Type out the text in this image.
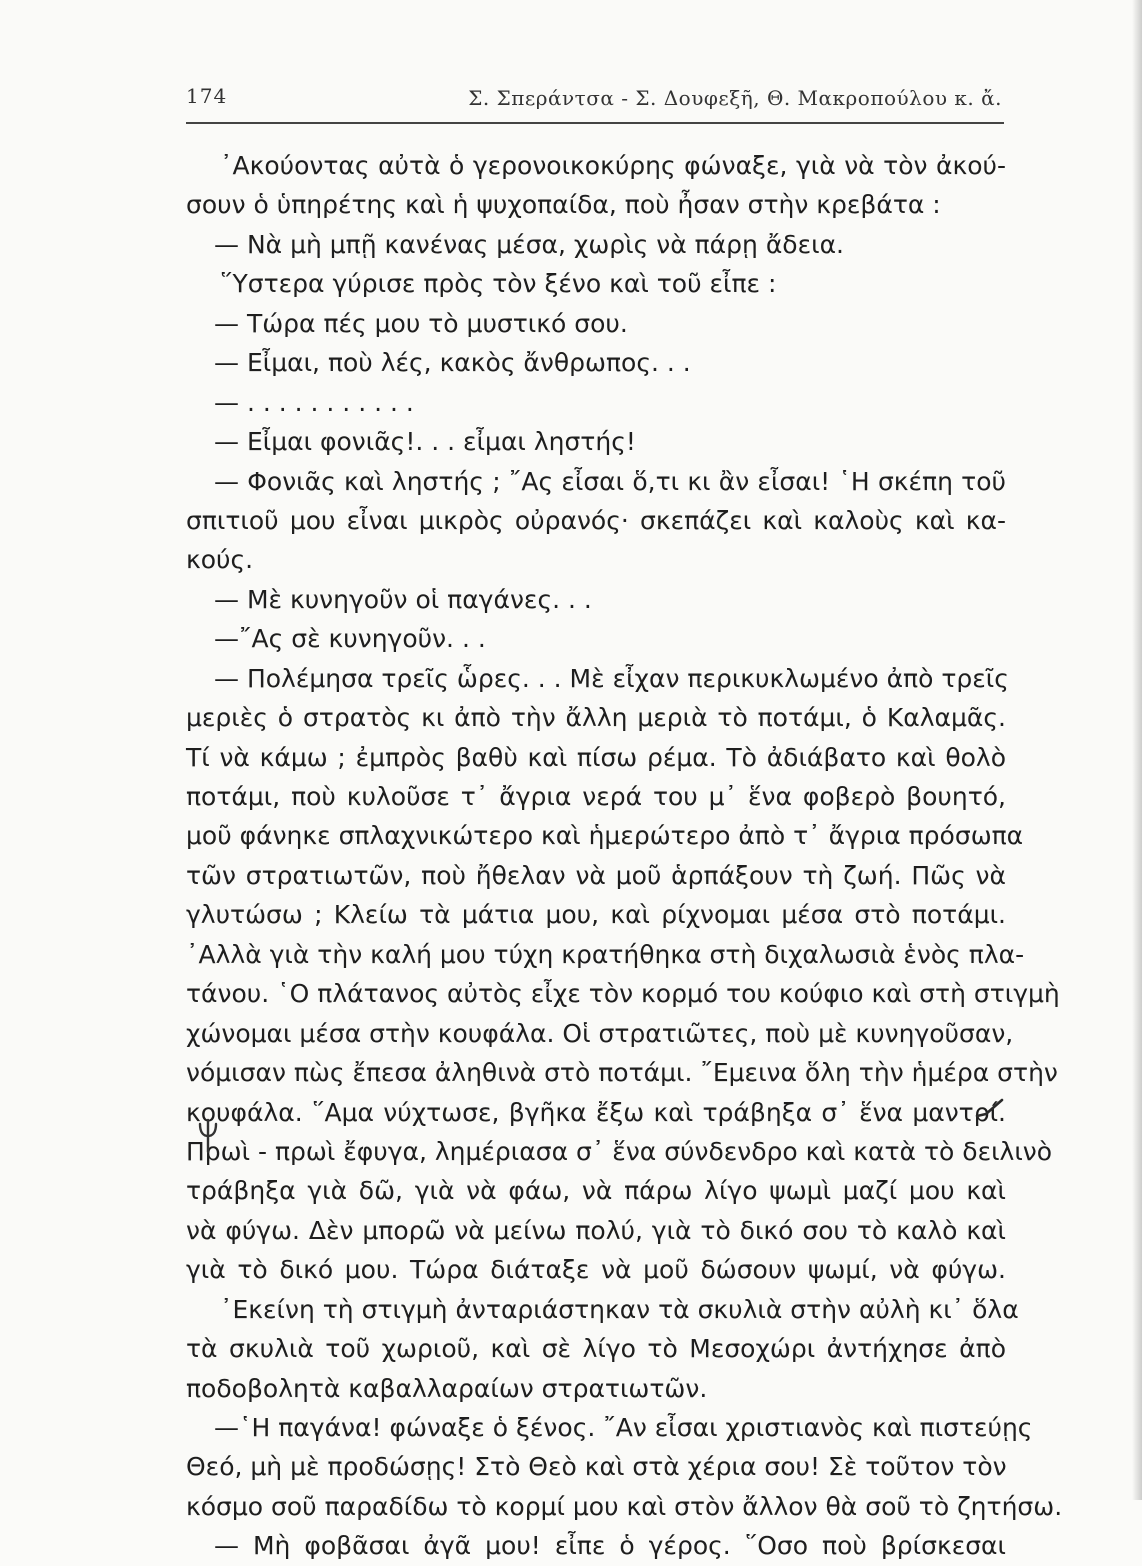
174	Σ. Σπεράντσα - Σ. Δουφεξῆ, Θ. Μακροπούλου κ. ἄ.
᾿Ακούοντας αὐτὰ ὁ γερονοικοκύρης φώναξε, γιὰ νὰ τὸν ἀκού-
σουν ὁ ὑπηρέτης καὶ ἡ ψυχοπαίδα, ποὺ ἦσαν στὴν κρεβάτα :
— Νὰ μὴ μπῇ κανένας μέσα, χωρὶς νὰ πάρῃ ἄδεια.
῞Υστερα γύρισε πρὸς τὸν ξένο καὶ τοῦ εἶπε :
— Τώρα πές μου τὸ μυστικό σου.
— Εἶμαι, ποὺ λές, κακὸς ἄνθρωπος. . .
— . . . . . . . . . . .
— Εἶμαι φονιᾶς!. . . εἶμαι ληστής!
— Φονιᾶς καὶ ληστής ; ῎Ας εἶσαι ὅ,τι κι ἂν εἶσαι! ῾Η σκέπη τοῦ
σπιτιοῦ μου εἶναι μικρὸς οὐρανός· σκεπάζει καὶ καλοὺς καὶ κα-
κούς.
— Μὲ κυνηγοῦν οἱ παγάνες. . .
—῎Ας σὲ κυνηγοῦν. . .
— Πολέμησα τρεῖς ὧρες. . . Μὲ εἶχαν περικυκλωμένο ἀπὸ τρεῖς
μεριὲς ὁ στρατὸς κι ἀπὸ τὴν ἄλλη μεριὰ τὸ ποτάμι, ὁ Καλαμᾶς.
Τί νὰ κάμω ; ἐμπρὸς βαθὺ καὶ πίσω ρέμα. Τὸ ἀδιάβατο καὶ θολὸ
ποτάμι, ποὺ κυλοῦσε τ᾿ ἄγρια νερά του μ᾿ ἕνα φοβερὸ βουητό,
μοῦ φάνηκε σπλαχνικώτερο καὶ ἡμερώτερο ἀπὸ τ᾿ ἄγρια πρόσωπα
τῶν στρατιωτῶν, ποὺ ἤθελαν νὰ μοῦ ἁρπάξουν τὴ ζωή. Πῶς νὰ
γλυτώσω ; Κλείω τὰ μάτια μου, καὶ ρίχνομαι μέσα στὸ ποτάμι.
᾿Αλλὰ γιὰ τὴν καλή μου τύχη κρατήθηκα στὴ διχαλωσιὰ ἑνὸς πλα-
τάνου. ῾Ο πλάτανος αὐτὸς εἶχε τὸν κορμό του κούφιο καὶ στὴ στιγμὴ
χώνομαι μέσα στὴν κουφάλα. Οἱ στρατιῶτες, ποὺ μὲ κυνηγοῦσαν,
νόμισαν πὼς ἔπεσα ἀληθινὰ στὸ ποτάμι. ῎Εμεινα ὅλη τὴν ἡμέρα στὴν
κουφάλα. ῞Αμα νύχτωσε, βγῆκα ἔξω καὶ τράβηξα σ᾿ ἕνα μαντρί.
Πρωὶ - πρωὶ ἔφυγα, λημέριασα σ᾿ ἕνα σύνδενδρο καὶ κατὰ τὸ δειλινὸ
τράβηξα γιὰ δῶ, γιὰ νὰ φάω, νὰ πάρω λίγο ψωμὶ μαζί μου καὶ
νὰ φύγω. Δὲν μπορῶ νὰ μείνω πολύ, γιὰ τὸ δικό σου τὸ καλὸ καὶ
γιὰ τὸ δικό μου. Τώρα διάταξε νὰ μοῦ δώσουν ψωμί, νὰ φύγω.
᾿Εκείνη τὴ στιγμὴ ἀνταριάστηκαν τὰ σκυλιὰ στὴν αὐλὴ κι᾿ ὅλα
τὰ σκυλιὰ τοῦ χωριοῦ, καὶ σὲ λίγο τὸ Μεσοχώρι ἀντήχησε ἀπὸ
ποδοβολητὰ καβαλλαραίων στρατιωτῶν.
—῾Η παγάνα! φώναξε ὁ ξένος. ῎Αν εἶσαι χριστιανὸς καὶ πιστεύῃς
Θεό, μὴ μὲ προδώσῃς! Στὸ Θεὸ καὶ στὰ χέρια σου! Σὲ τοῦτον τὸν
κόσμο σοῦ παραδίδω τὸ κορμί μου καὶ στὸν ἄλλον θὰ σοῦ τὸ ζητήσω.
— Μὴ φοβᾶσαι ἀγᾶ μου! εἶπε ὁ γέρος. ῞Οσο ποὺ βρίσκεσαι
